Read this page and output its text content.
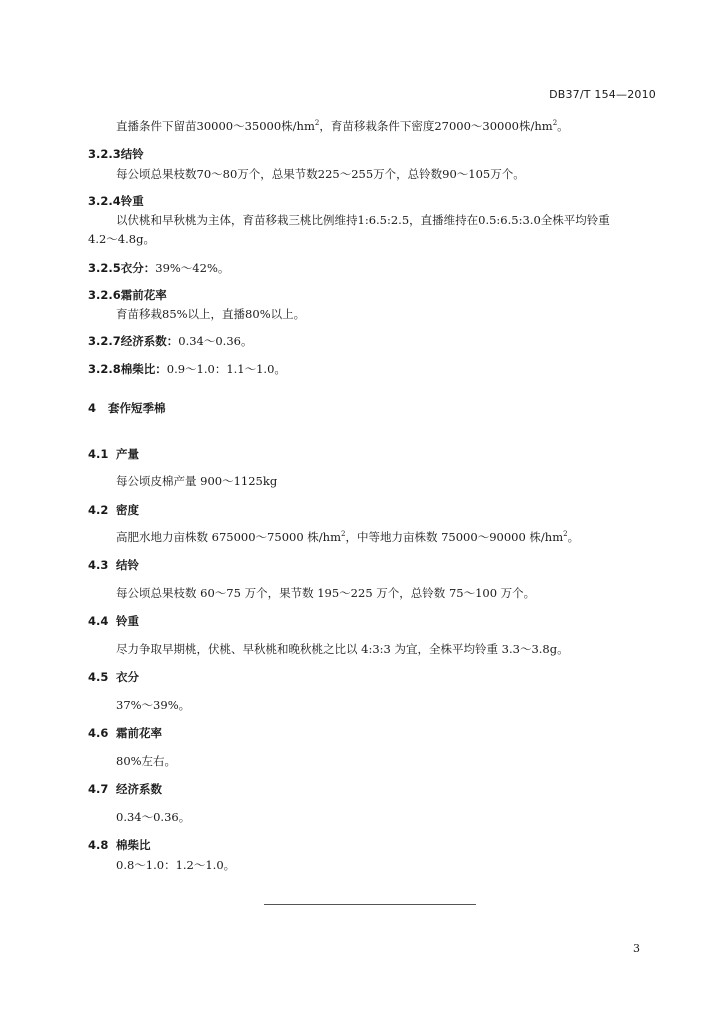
DB37/T 154—2010
直播条件下留苗30000～35000株$/hm^2$，育苗移栽条件下密度27000～30000株$/hm^2$。
3.2.3结铃
每公顷总果枝数70～80万个，总果节数225～255万个，总铃数90～105万个。
3.2.4铃重
以伏桃和早秋桃为主体，育苗移栽三桃比例维持1:6.5:2.5，直播维持在0.5:6.5:3.0全株平均铃重
4.2～4.8g。
3.2.5衣分：39%～42%。
3.2.6霜前花率
育苗移栽85%以上，直播80%以上。
3.2.7经济系数：0.34～0.36。
3.2.8棉柴比：0.9～1.0：1.1～1.0。
4 套作短季棉
4.1 产量
每公顷皮棉产量 900～1125kg
4.2 密度
高肥水地力亩株数 675000～75000 株$/hm^2$，中等地力亩株数 75000～90000 株$/hm^2$。
4.3 结铃
每公顷总果枝数 60～75 万个，果节数 195～225 万个，总铃数 75～100 万个。
4.4 铃重
尽力争取早期桃，伏桃、早秋桃和晚秋桃之比以 4:3:3 为宜，全株平均铃重 3.3～3.8g。
4.5 衣分
37%～39%。
4.6 霜前花率
80%左右。
4.7 经济系数
0.34～0.36。
4.8 棉柴比
0.8～1.0：1.2～1.0。
3
